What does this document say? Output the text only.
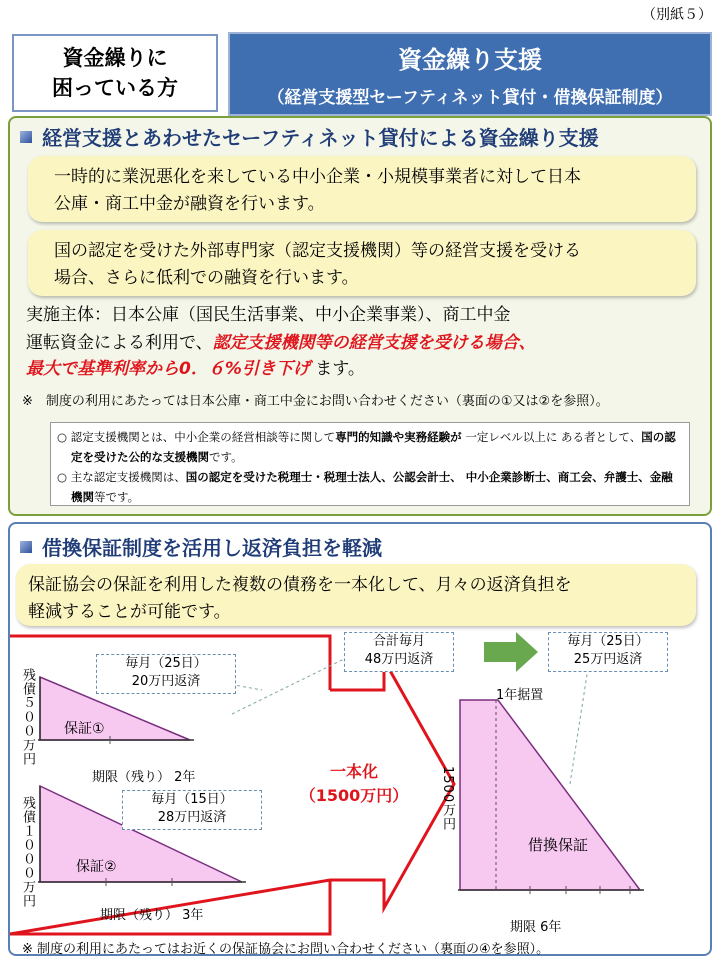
（別紙５）
資金繰りに
困っている方
資金繰り支援
（経営支援型セーフティネット貸付・借換保証制度）
経営支援とあわせたセーフティネット貸付による資金繰り支援
一時的に業況悪化を来している中小企業・小規模事業者に対して日本
公庫・商工中金が融資を行います。
国の認定を受けた外部専門家（認定支援機関）等の経営支援を受ける
場合、さらに低利での融資を行います。
実施主体：日本公庫（国民生活事業、中小企業事業）、商工中金
運転資金による利用で、認定支援機関等の経営支援を受ける場合、
最大で基準利率から0．６%引き下げ ます。
※　制度の利用にあたっては日本公庫・商工中金にお問い合わせください（裏面の①又は②を参照）。
○ 認定支援機関とは、中小企業の経営相談等に関して専門的知識や実務経験が 一定レベル以上に ある者として、国の認定を受けた公的な支援機関です。
○ 主な認定支援機関は、国の認定を受けた税理士・税理士法人、公認会計士、 中小企業診断士、商工会、弁護士、金融機関等です。
借換保証制度を活用し返済負担を軽減
保証協会の保証を利用した複数の債務を一本化して、月々の返済負担を
軽減することが可能です。
残債５００万円
残債１０００万円
保証①
保証②
毎月（25日）
20万円返済
毎月（15日）
28万円返済
期限（残り） 2年
期限（残り） 3年
合計毎月
48万円返済
毎月（25日）
25万円返済
一本化
（1500万円）
1年据置
1500万円
借換保証
期限 6年
※ 制度の利用にあたってはお近くの保証協会にお問い合わせください（裏面の④を参照）。
